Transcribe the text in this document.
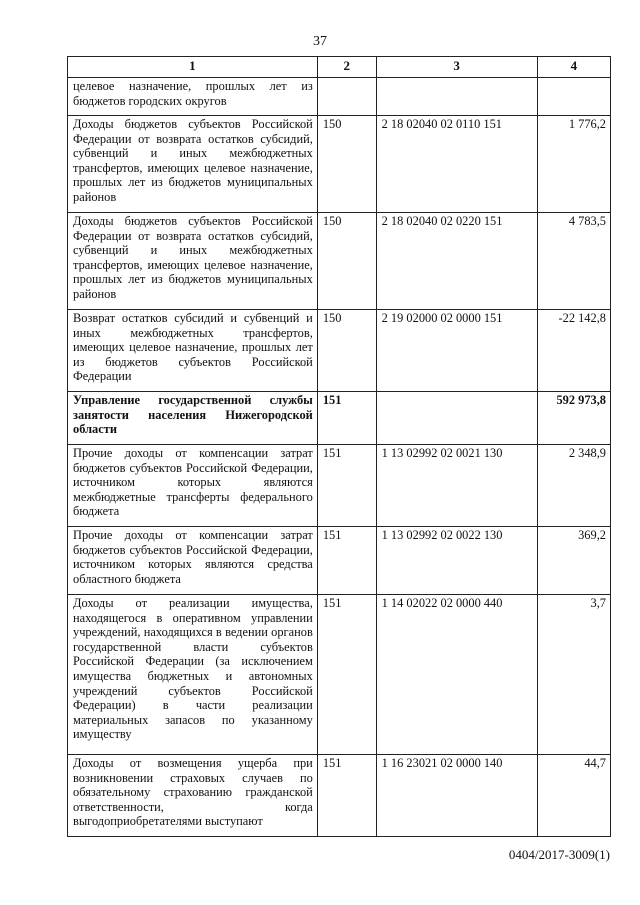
37
1	2	3	4
целевое назначение, прошлых лет из бюджетов городских округов			
Доходы бюджетов субъектов Российской Федерации от возврата остатков субсидий, субвенций и иных межбюджетных трансфертов, имеющих целевое назначение, прошлых лет из бюджетов муниципальных районов	150	2 18 02040 02 0110 151	1 776,2
Доходы бюджетов субъектов Российской Федерации от возврата остатков субсидий, субвенций и иных межбюджетных трансфертов, имеющих целевое назначение, прошлых лет из бюджетов муниципальных районов	150	2 18 02040 02 0220 151	4 783,5
Возврат остатков субсидий и субвенций и иных межбюджетных трансфертов, имеющих целевое назначение, прошлых лет из бюджетов субъектов Российской Федерации	150	2 19 02000 02 0000 151	-22 142,8
Управление государственной службы занятости населения Нижегородской области	151		592 973,8
Прочие доходы от компенсации затрат бюджетов субъектов Российской Федерации, источником которых являются межбюджетные трансферты федерального бюджета	151	1 13 02992 02 0021 130	2 348,9
Прочие доходы от компенсации затрат бюджетов субъектов Российской Федерации, источником которых являются средства областного бюджета	151	1 13 02992 02 0022 130	369,2
Доходы от реализации имущества, находящегося в оперативном управлении учреждений, находящихся в ведении органов государственной власти субъектов Российской Федерации (за исключением имущества бюджетных и автономных учреждений субъектов Российской Федерации) в части реализации материальных запасов по указанному имуществу	151	1 14 02022 02 0000 440	3,7
Доходы от возмещения ущерба при возникновении страховых случаев по обязательному страхованию гражданской ответственности, когда выгодоприобретателями выступают	151	1 16 23021 02 0000 140	44,7
0404/2017-3009(1)
